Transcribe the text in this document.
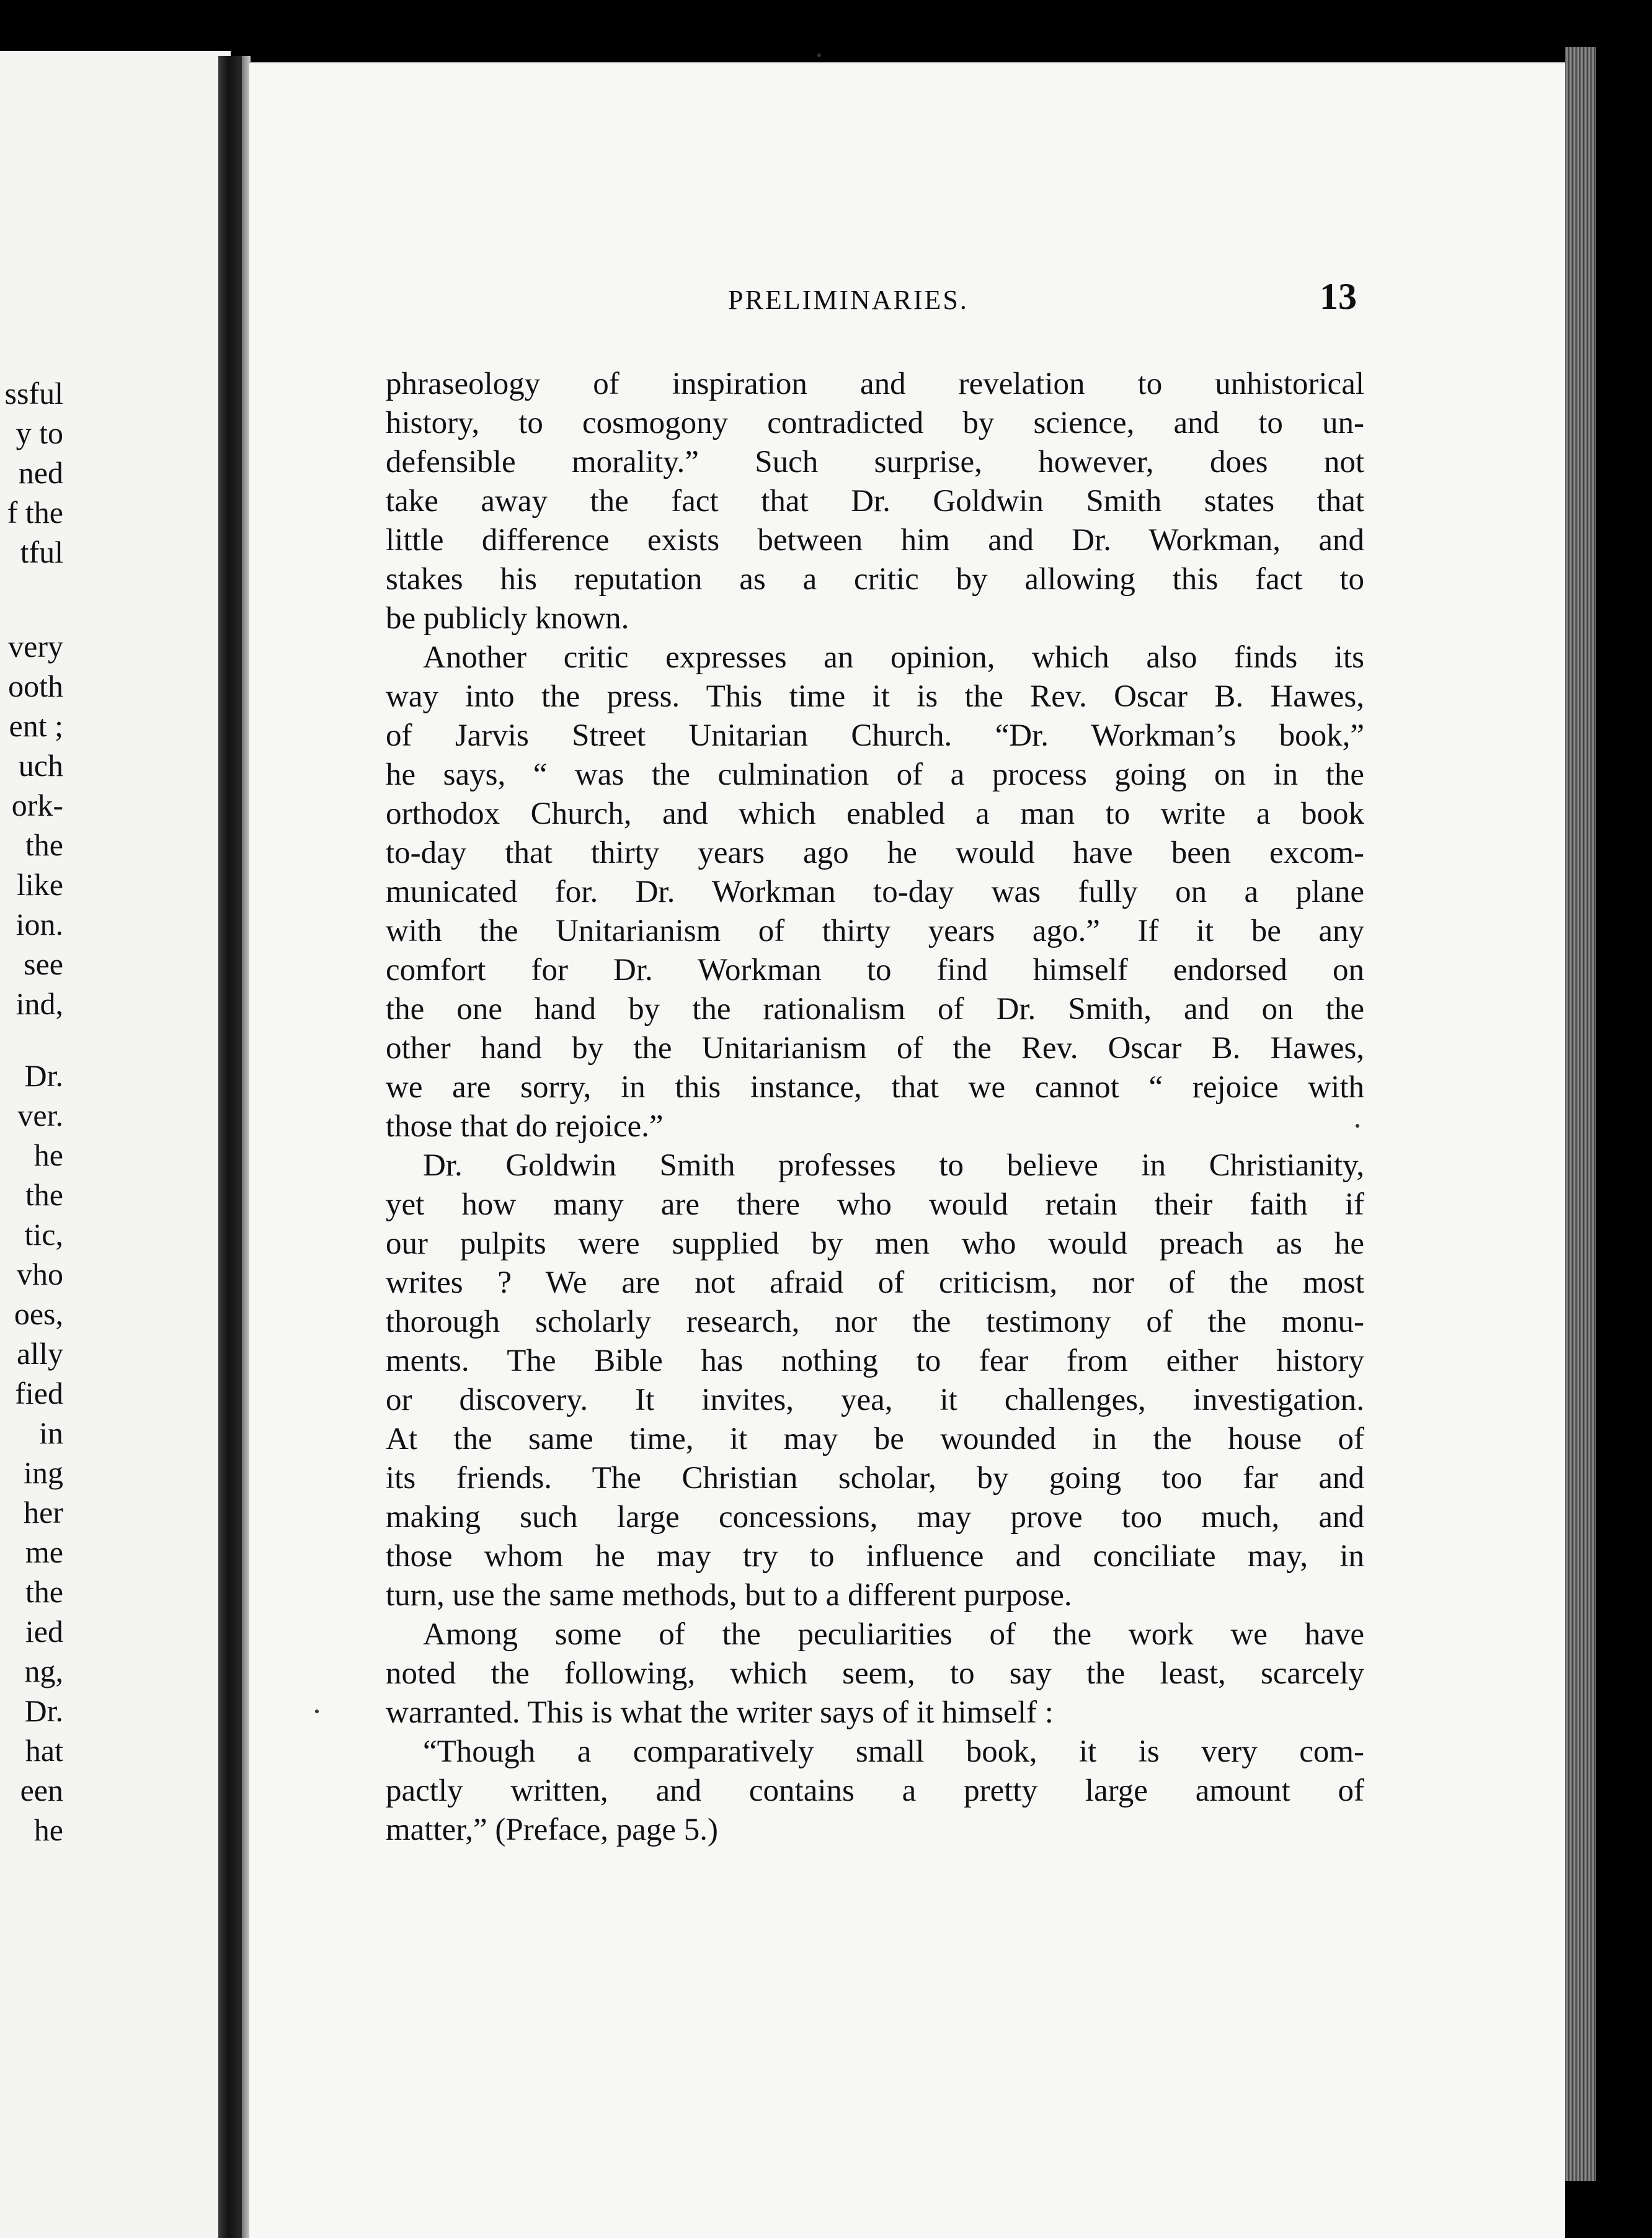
ssful
y to
ned
f the
tful
very
ooth
ent ;
uch
ork-
the
like
ion.
see
ind,
Dr.
ver.
he
the
tic,
vho
oes,
ally
fied
in
ing
her
me
the
ied
ng,
Dr.
hat
een
he
PRELIMINARIES.	13
phraseology of inspiration and revelation to unhistorical
history, to cosmogony contradicted by science, and to un-
defensible morality.” Such surprise, however, does not
take away the fact that Dr. Goldwin Smith states that
little difference exists between him and Dr. Workman, and
stakes his reputation as a critic by allowing this fact to
be publicly known.
Another critic expresses an opinion, which also finds its
way into the press. This time it is the Rev. Oscar B. Hawes,
of Jarvis Street Unitarian Church. “Dr. Workman’s book,”
he says, “ was the culmination of a process going on in the
orthodox Church, and which enabled a man to write a book
to-day that thirty years ago he would have been excom-
municated for. Dr. Workman to-day was fully on a plane
with the Unitarianism of thirty years ago.” If it be any
comfort for Dr. Workman to find himself endorsed on
the one hand by the rationalism of Dr. Smith, and on the
other hand by the Unitarianism of the Rev. Oscar B. Hawes,
we are sorry, in this instance, that we cannot “ rejoice with
those that do rejoice.”
Dr. Goldwin Smith professes to believe in Christianity,
yet how many are there who would retain their faith if
our pulpits were supplied by men who would preach as he
writes ? We are not afraid of criticism, nor of the most
thorough scholarly research, nor the testimony of the monu-
ments. The Bible has nothing to fear from either history
or discovery. It invites, yea, it challenges, investigation.
At the same time, it may be wounded in the house of
its friends. The Christian scholar, by going too far and
making such large concessions, may prove too much, and
those whom he may try to influence and conciliate may, in
turn, use the same methods, but to a different purpose.
Among some of the peculiarities of the work we have
noted the following, which seem, to say the least, scarcely
warranted. This is what the writer says of it himself :
“Though a comparatively small book, it is very com-
pactly written, and contains a pretty large amount of
matter,” (Preface, page 5.)
